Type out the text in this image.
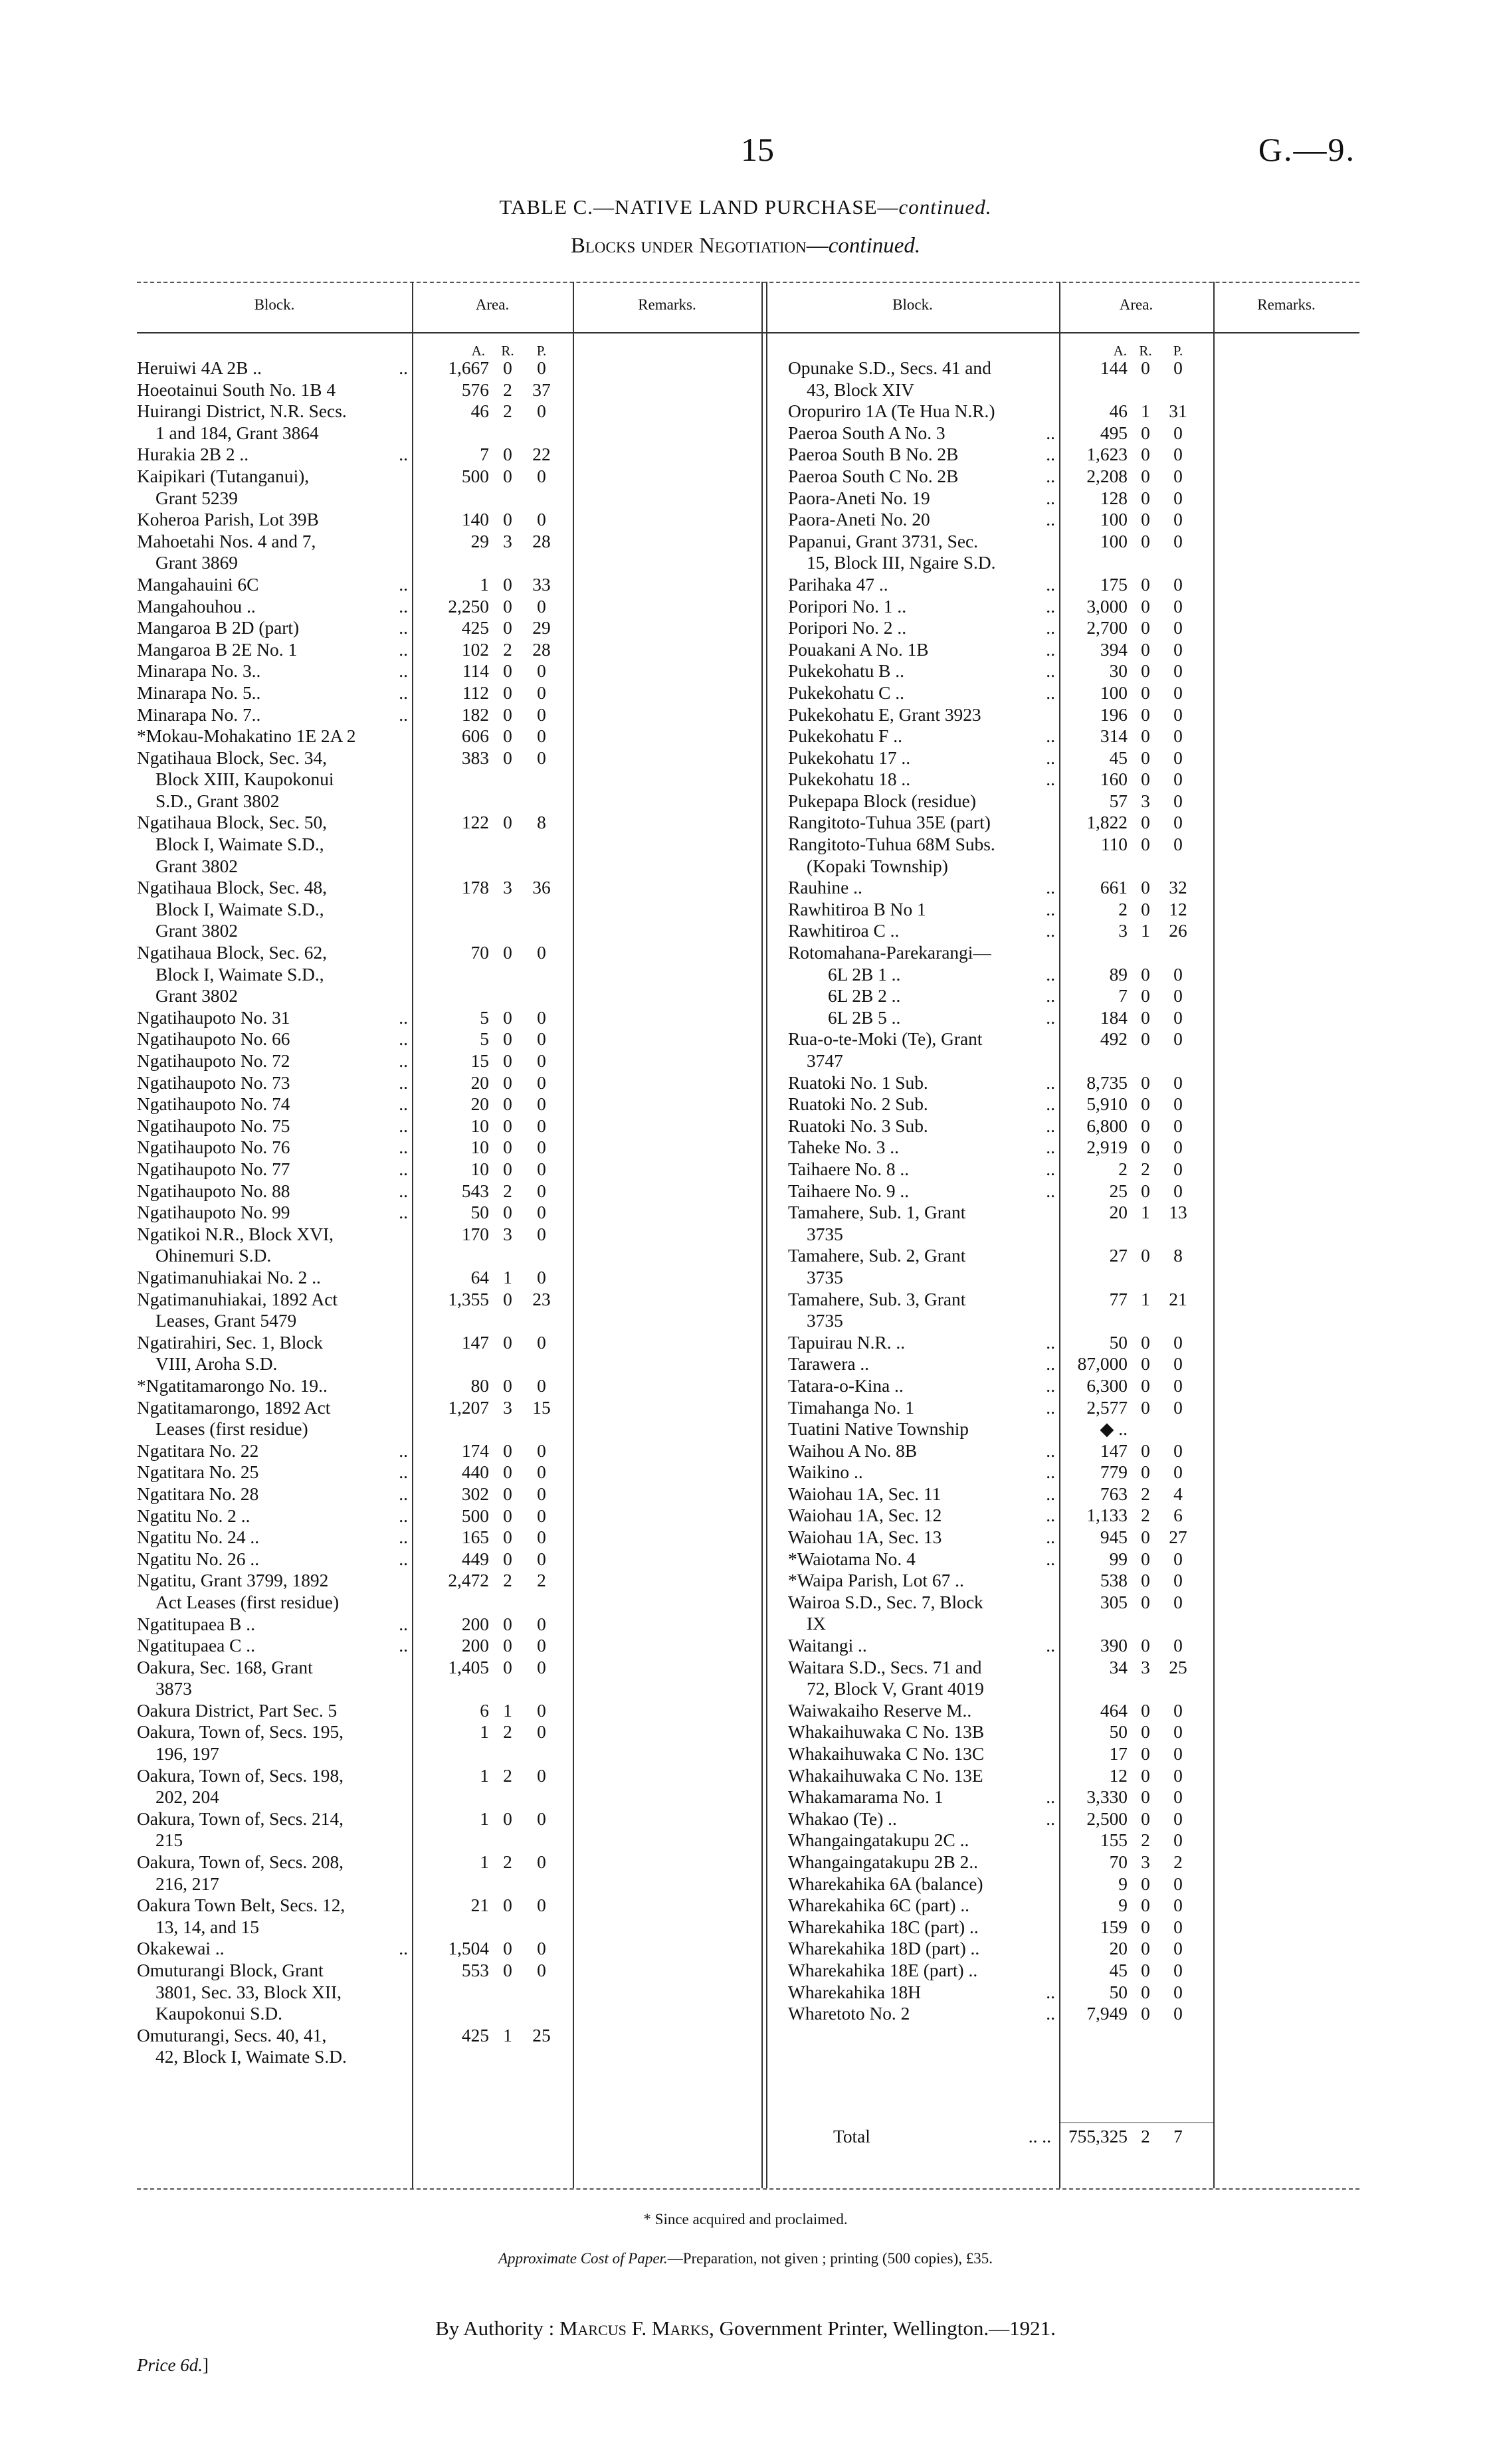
15	G.—9.
TABLE C.—NATIVE LAND PURCHASE—continued.
Blocks under Negotiation—continued.
Block.	Area.	Remarks.	Block.	Area.	Remarks.
A.	R.	P.	A. R.	P.
Heruiwi 4A 2B ..	..	1,667 0	0
Hoeotainui South No. 1B 4	576 2	37
Huirangi District, N.R. Secs.
1 and 184, Grant 3864
46 2	0
Hurakia 2B 2 ..	..	7 0	22
Kaipikari (Tutanganui),
Grant 5239
500 0	0
Koheroa Parish, Lot 39B	140 0	0
Mahoetahi Nos. 4 and 7,
Grant 3869
29 3	28
Mangahauini 6C	..	1 0	33
Mangahouhou ..	..	2,250 0	0
Mangaroa B 2D (part)	..	425 0	29
Mangaroa B 2E No. 1	..	102 2	28
Minarapa No. 3..	..	114 0	0
Minarapa No. 5..	..	112 0	0
Minarapa No. 7..	..	182 0	0
*Mokau-Mohakatino 1E 2A 2	606 0	0
Ngatihaua Block, Sec. 34,
Block XIII, Kaupokonui
S.D., Grant 3802
383 0	0
Ngatihaua Block, Sec. 50,
Block I, Waimate S.D.,
Grant 3802
122 0	8
Ngatihaua Block, Sec. 48,
Block I, Waimate S.D.,
Grant 3802
178 3	36
Ngatihaua Block, Sec. 62,
Block I, Waimate S.D.,
Grant 3802
70 0	0
Ngatihaupoto No. 31	..	5 0	0
Ngatihaupoto No. 66	..	5 0	0
Ngatihaupoto No. 72	..	15 0	0
Ngatihaupoto No. 73	..	20 0	0
Ngatihaupoto No. 74	..	20 0	0
Ngatihaupoto No. 75	..	10 0	0
Ngatihaupoto No. 76	..	10 0	0
Ngatihaupoto No. 77	..	10 0	0
Ngatihaupoto No. 88	..	543 2	0
Ngatihaupoto No. 99	..	50 0	0
Ngatikoi N.R., Block XVI,
Ohinemuri S.D.
170 3	0
Ngatimanuhiakai No. 2 ..	64 1	0
Ngatimanuhiakai, 1892 Act
Leases, Grant 5479
1,355 0	23
Ngatirahiri, Sec. 1, Block
VIII, Aroha S.D.
147 0	0
*Ngatitamarongo No. 19..	80 0	0
Ngatitamarongo, 1892 Act
Leases (first residue)
1,207 3	15
Ngatitara No. 22	..	174 0	0
Ngatitara No. 25	..	440 0	0
Ngatitara No. 28	..	302 0	0
Ngatitu No. 2 ..	..	500 0	0
Ngatitu No. 24 ..	..	165 0	0
Ngatitu No. 26 ..	..	449 0	0
Ngatitu, Grant 3799, 1892
Act Leases (first residue)
2,472 2	2
Ngatitupaea B ..	..	200 0	0
Ngatitupaea C ..	..	200 0	0
Oakura, Sec. 168, Grant
3873
1,405 0	0
Oakura District, Part Sec. 5	6 1	0
Oakura, Town of, Secs. 195,
196, 197
1 2	0
Oakura, Town of, Secs. 198,
202, 204
1 2	0
Oakura, Town of, Secs. 214,
215
1 0	0
Oakura, Town of, Secs. 208,
216, 217
1 2	0
Oakura Town Belt, Secs. 12,
13, 14, and 15
21 0	0
Okakewai ..	..	1,504 0	0
Omuturangi Block, Grant
3801, Sec. 33, Block XII,
Kaupokonui S.D.
553 0	0
Omuturangi, Secs. 40, 41,
42, Block I, Waimate S.D.
425 1	25
Opunake S.D., Secs. 41 and
43, Block XIV
144 0	0
Oropuriro 1A (Te Hua N.R.)	46 1	31
Paeroa South A No. 3	..	495 0	0
Paeroa South B No. 2B	..	1,623 0	0
Paeroa South C No. 2B	..	2,208 0	0
Paora-Aneti No. 19	..	128 0	0
Paora-Aneti No. 20	..	100 0	0
Papanui, Grant 3731, Sec.
15, Block III, Ngaire S.D.
100 0	0
Parihaka 47 ..	..	175 0	0
Poripori No. 1 ..	..	3,000 0	0
Poripori No. 2 ..	..	2,700 0	0
Pouakani A No. 1B	..	394 0	0
Pukekohatu B ..	..	30 0	0
Pukekohatu C ..	..	100 0	0
Pukekohatu E, Grant 3923	196 0	0
Pukekohatu F ..	..	314 0	0
Pukekohatu 17 ..	..	45 0	0
Pukekohatu 18 ..	..	160 0	0
Pukepapa Block (residue)	57 3	0
Rangitoto-Tuhua 35E (part)	1,822 0	0
Rangitoto-Tuhua 68M Subs.
(Kopaki Township)
110 0	0
Rauhine ..	..	661 0	32
Rawhitiroa B No 1	..	2 0	12
Rawhitiroa C ..	..	3 1	26
Rotomahana-Parekarangi—
6L 2B 1 ..	..	89 0	0
6L 2B 2 ..	..	7 0	0
6L 2B 5 ..	..	184 0	0
Rua-o-te-Moki (Te), Grant
3747
492 0	0
Ruatoki No. 1 Sub.	..	8,735 0	0
Ruatoki No. 2 Sub.	..	5,910 0	0
Ruatoki No. 3 Sub.	..	6,800 0	0
Taheke No. 3 ..	..	2,919 0	0
Taihaere No. 8 ..	..	2 2	0
Taihaere No. 9 ..	..	25 0	0
Tamahere, Sub. 1, Grant
3735
20 1	13
Tamahere, Sub. 2, Grant
3735
27 0	8
Tamahere, Sub. 3, Grant
3735
77 1	21
Tapuirau N.R. ..	..	50 0	0
Tarawera ..	..	87,000 0	0
Tatara-o-Kina ..	..	6,300 0	0
Timahanga No. 1	..	2,577 0	0
Tuatini Native Township	◆ ..
Waihou A No. 8B	..	147 0	0
Waikino ..	..	779 0	0
Waiohau 1A, Sec. 11	..	763 2	4
Waiohau 1A, Sec. 12	..	1,133 2	6
Waiohau 1A, Sec. 13	..	945 0	27
*Waiotama No. 4	..	99 0	0
*Waipa Parish, Lot 67 ..	538 0	0
Wairoa S.D., Sec. 7, Block
IX
305 0	0
Waitangi ..	..	390 0	0
Waitara S.D., Secs. 71 and
72, Block V, Grant 4019
34 3	25
Waiwakaiho Reserve M..	464 0	0
Whakaihuwaka C No. 13B	50 0	0
Whakaihuwaka C No. 13C	17 0	0
Whakaihuwaka C No. 13E	12 0	0
Whakamarama No. 1	..	3,330 0	0
Whakao (Te) ..	..	2,500 0	0
Whangaingatakupu 2C ..	155 2	0
Whangaingatakupu 2B 2..	70 3	2
Wharekahika 6A (balance)	9 0	0
Wharekahika 6C (part) ..	9 0	0
Wharekahika 18C (part) ..	159 0	0
Wharekahika 18D (part) ..	20 0	0
Wharekahika 18E (part) ..	45 0	0
Wharekahika 18H	..	50 0	0
Wharetoto No. 2	..	7,949 0	0
Total	.. .. 755,325 2	7
* Since acquired and proclaimed.
Approximate Cost of Paper.—Preparation, not given ; printing (500 copies), £35.
By Authority : Marcus F. Marks, Government Printer, Wellington.—1921.
Price 6d.]
